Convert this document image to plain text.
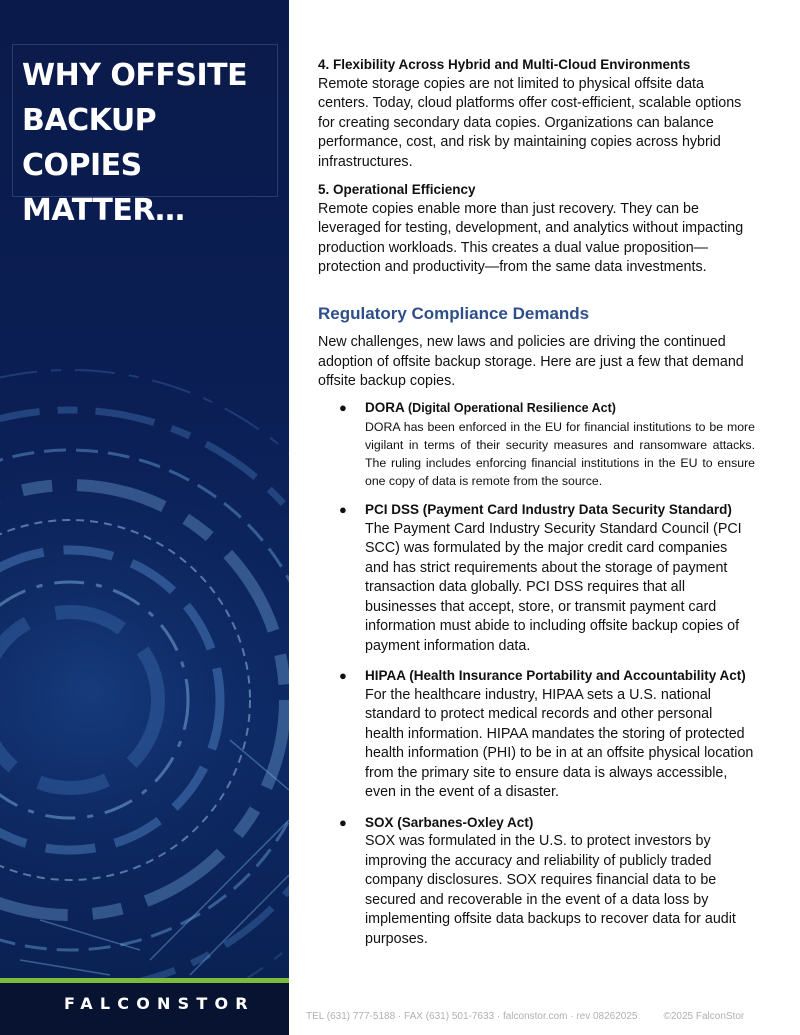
WHY OFFSITE

BACKUP COPIES

MATTER…

FALCONSTOR

4. Flexibility Across Hybrid and Multi-Cloud Environments

Remote storage copies are not limited to physical offsite data centers. Today, cloud platforms offer cost-efficient, scalable options for creating secondary data copies. Organizations can balance performance, cost, and risk by maintaining copies across hybrid infrastructures.

5. Operational Efficiency

Remote copies enable more than just recovery. They can be leveraged for testing, development, and analytics without impacting production workloads. This creates a dual value proposition—protection and productivity—from the same data investments.

Regulatory Compliance Demands

New challenges, new laws and policies are driving the continued adoption of offsite backup storage. Here are just a few that demand offsite backup copies.

● DORA (Digital Operational Resilience Act)
DORA has been enforced in the EU for financial institutions to be more vigilant in terms of their security measures and ransomware attacks. The ruling includes enforcing financial institutions in the EU to ensure one copy of data is remote from the source.
● PCI DSS (Payment Card Industry Data Security Standard)
The Payment Card Industry Security Standard Council (PCI SCC) was formulated by the major credit card companies and has strict requirements about the storage of payment transaction data globally. PCI DSS requires that all businesses that accept, store, or transmit payment card information must abide to including offsite backup copies of payment information data.
● HIPAA (Health Insurance Portability and Accountability Act)
For the healthcare industry, HIPAA sets a U.S. national standard to protect medical records and other personal health information. HIPAA mandates the storing of protected health information (PHI) to be in at an offsite physical location from the primary site to ensure data is always accessible, even in the event of a disaster.
● SOX (Sarbanes-Oxley Act)
SOX was formulated in the U.S. to protect investors by improving the accuracy and reliability of publicly traded company disclosures. SOX requires financial data to be secured and recoverable in the event of a data loss by implementing offsite data backups to recover data for audit purposes.
TEL (631) 777-5188 · FAX (631) 501-7633 · falconstor.com · rev 08262025	©2025 FalconStor
